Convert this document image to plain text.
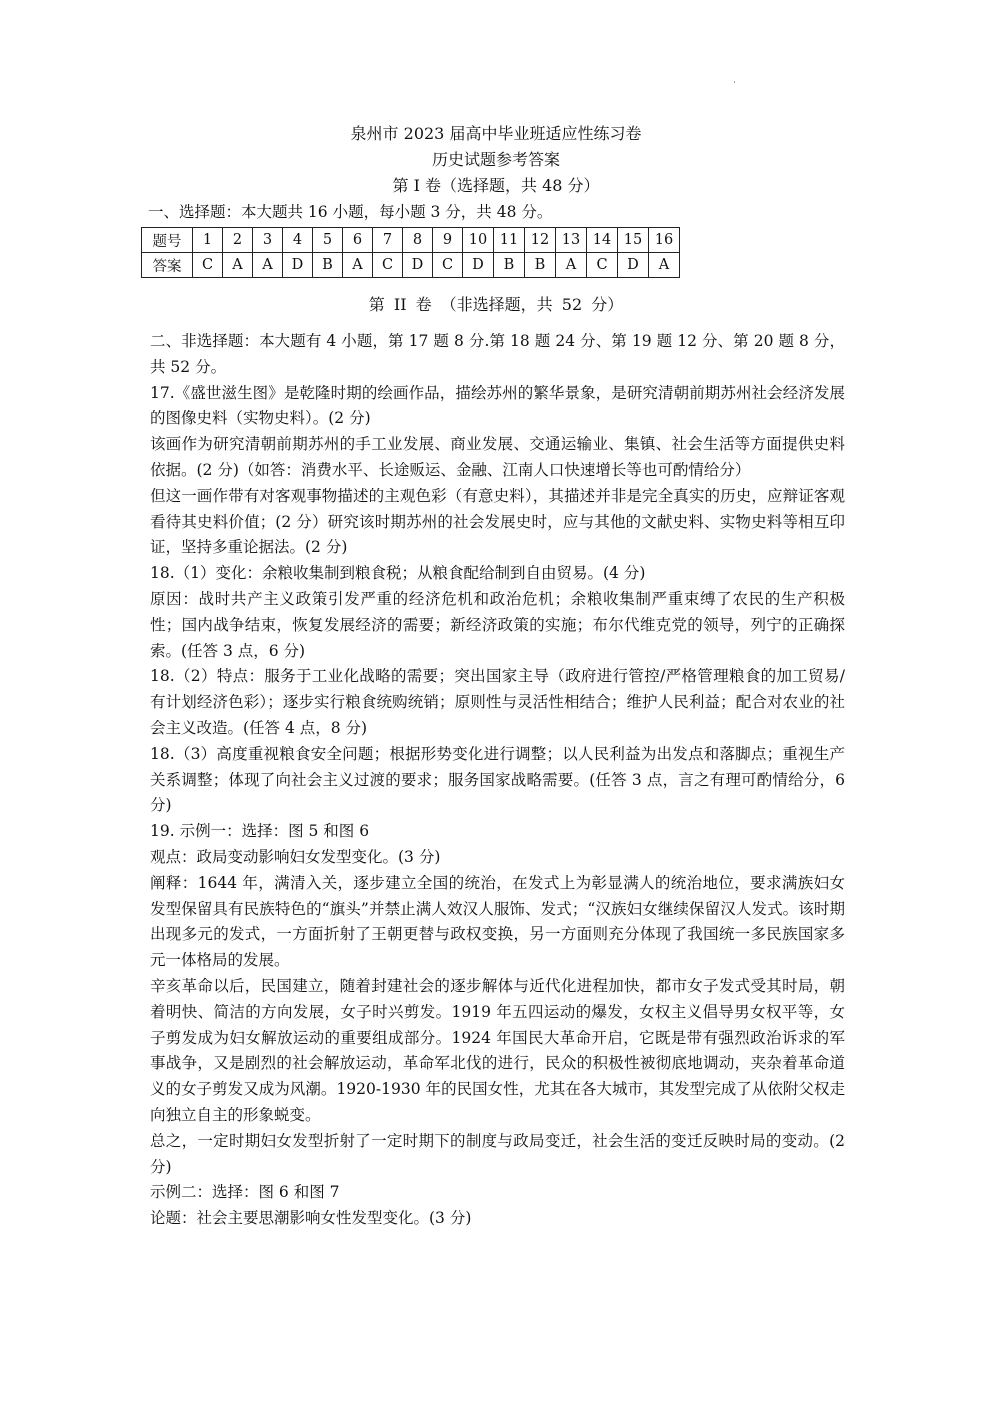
·
泉州市 2023 届高中毕业班适应性练习卷
历史试题参考答案
第 I 卷（选择题，共 48 分）
一、选择题：本大题共 16 小题，每小题 3 分，共 48 分。
题号	1	2	3	4	5	6	7	8	9	10	11	12	13	14	15	16
答案	C	A	A	D	B	A	C	D	C	D	B	B	A	C	D	A
第 II 卷 （非选择题，共 52 分）

二、非选择题：本大题有 4 小题，第 17 题 8 分.第 18 题 24 分、第 19 题 12 分、第 20 题 8 分，共 52 分。

17.《盛世滋生图》是乾隆时期的绘画作品，描绘苏州的繁华景象，是研究清朝前期苏州社会经济发展的图像史料（实物史料）。(2 分)

该画作为研究清朝前期苏州的手工业发展、商业发展、交通运输业、集镇、社会生活等方面提供史料依据。(2 分)（如答：消费水平、长途贩运、金融、江南人口快速增长等也可酌情给分）

但这一画作带有对客观事物描述的主观色彩（有意史料），其描述并非是完全真实的历史，应辩证客观看待其史料价值；(2 分）研究该时期苏州的社会发展史时，应与其他的文献史料、实物史料等相互印证，坚持多重论据法。(2 分)

18.（1）变化：余粮收集制到粮食税；从粮食配给制到自由贸易。(4 分)

原因：战时共产主义政策引发严重的经济危机和政治危机；余粮收集制严重束缚了农民的生产积极性；国内战争结束，恢复发展经济的需要；新经济政策的实施；布尔代维克党的领导，列宁的正确探索。(任答 3 点，6 分)

18.（2）特点：服务于工业化战略的需要；突出国家主导（政府进行管控/严格管理粮食的加工贸易/有计划经济色彩）；逐步实行粮食统购统销；原则性与灵活性相结合；维护人民利益；配合对农业的社会主义改造。(任答 4 点，8 分)

18.（3）高度重视粮食安全问题；根据形势变化进行调整；以人民利益为出发点和落脚点；重视生产关系调整；体现了向社会主义过渡的要求；服务国家战略需要。(任答 3 点，言之有理可酌情给分，6 分)

19. 示例一：选择：图 5 和图 6

观点：政局变动影响妇女发型变化。(3 分)

阐释：1644 年，满清入关，逐步建立全国的统治，在发式上为彰显满人的统治地位，要求满族妇女发型保留具有民族特色的“旗头”并禁止满人效汉人服饰、发式；“汉族妇女继续保留汉人发式。该时期出现多元的发式，一方面折射了王朝更替与政权变换，另一方面则充分体现了我国统一多民族国家多元一体格局的发展。

辛亥革命以后，民国建立，随着封建社会的逐步解体与近代化进程加快，都市女子发式受其时局，朝着明快、简洁的方向发展，女子时兴剪发。1919 年五四运动的爆发，女权主义倡导男女权平等，女子剪发成为妇女解放运动的重要组成部分。1924 年国民大革命开启，它既是带有强烈政治诉求的军事战争，又是剧烈的社会解放运动，革命军北伐的进行，民众的积极性被彻底地调动，夹杂着革命道义的女子剪发又成为风潮。1920-1930 年的民国女性，尤其在各大城市，其发型完成了从依附父权走向独立自主的形象蜕变。

总之，一定时期妇女发型折射了一定时期下的制度与政局变迁，社会生活的变迁反映时局的变动。(2 分)

示例二：选择：图 6 和图 7

论题：社会主要思潮影响女性发型变化。(3 分)
